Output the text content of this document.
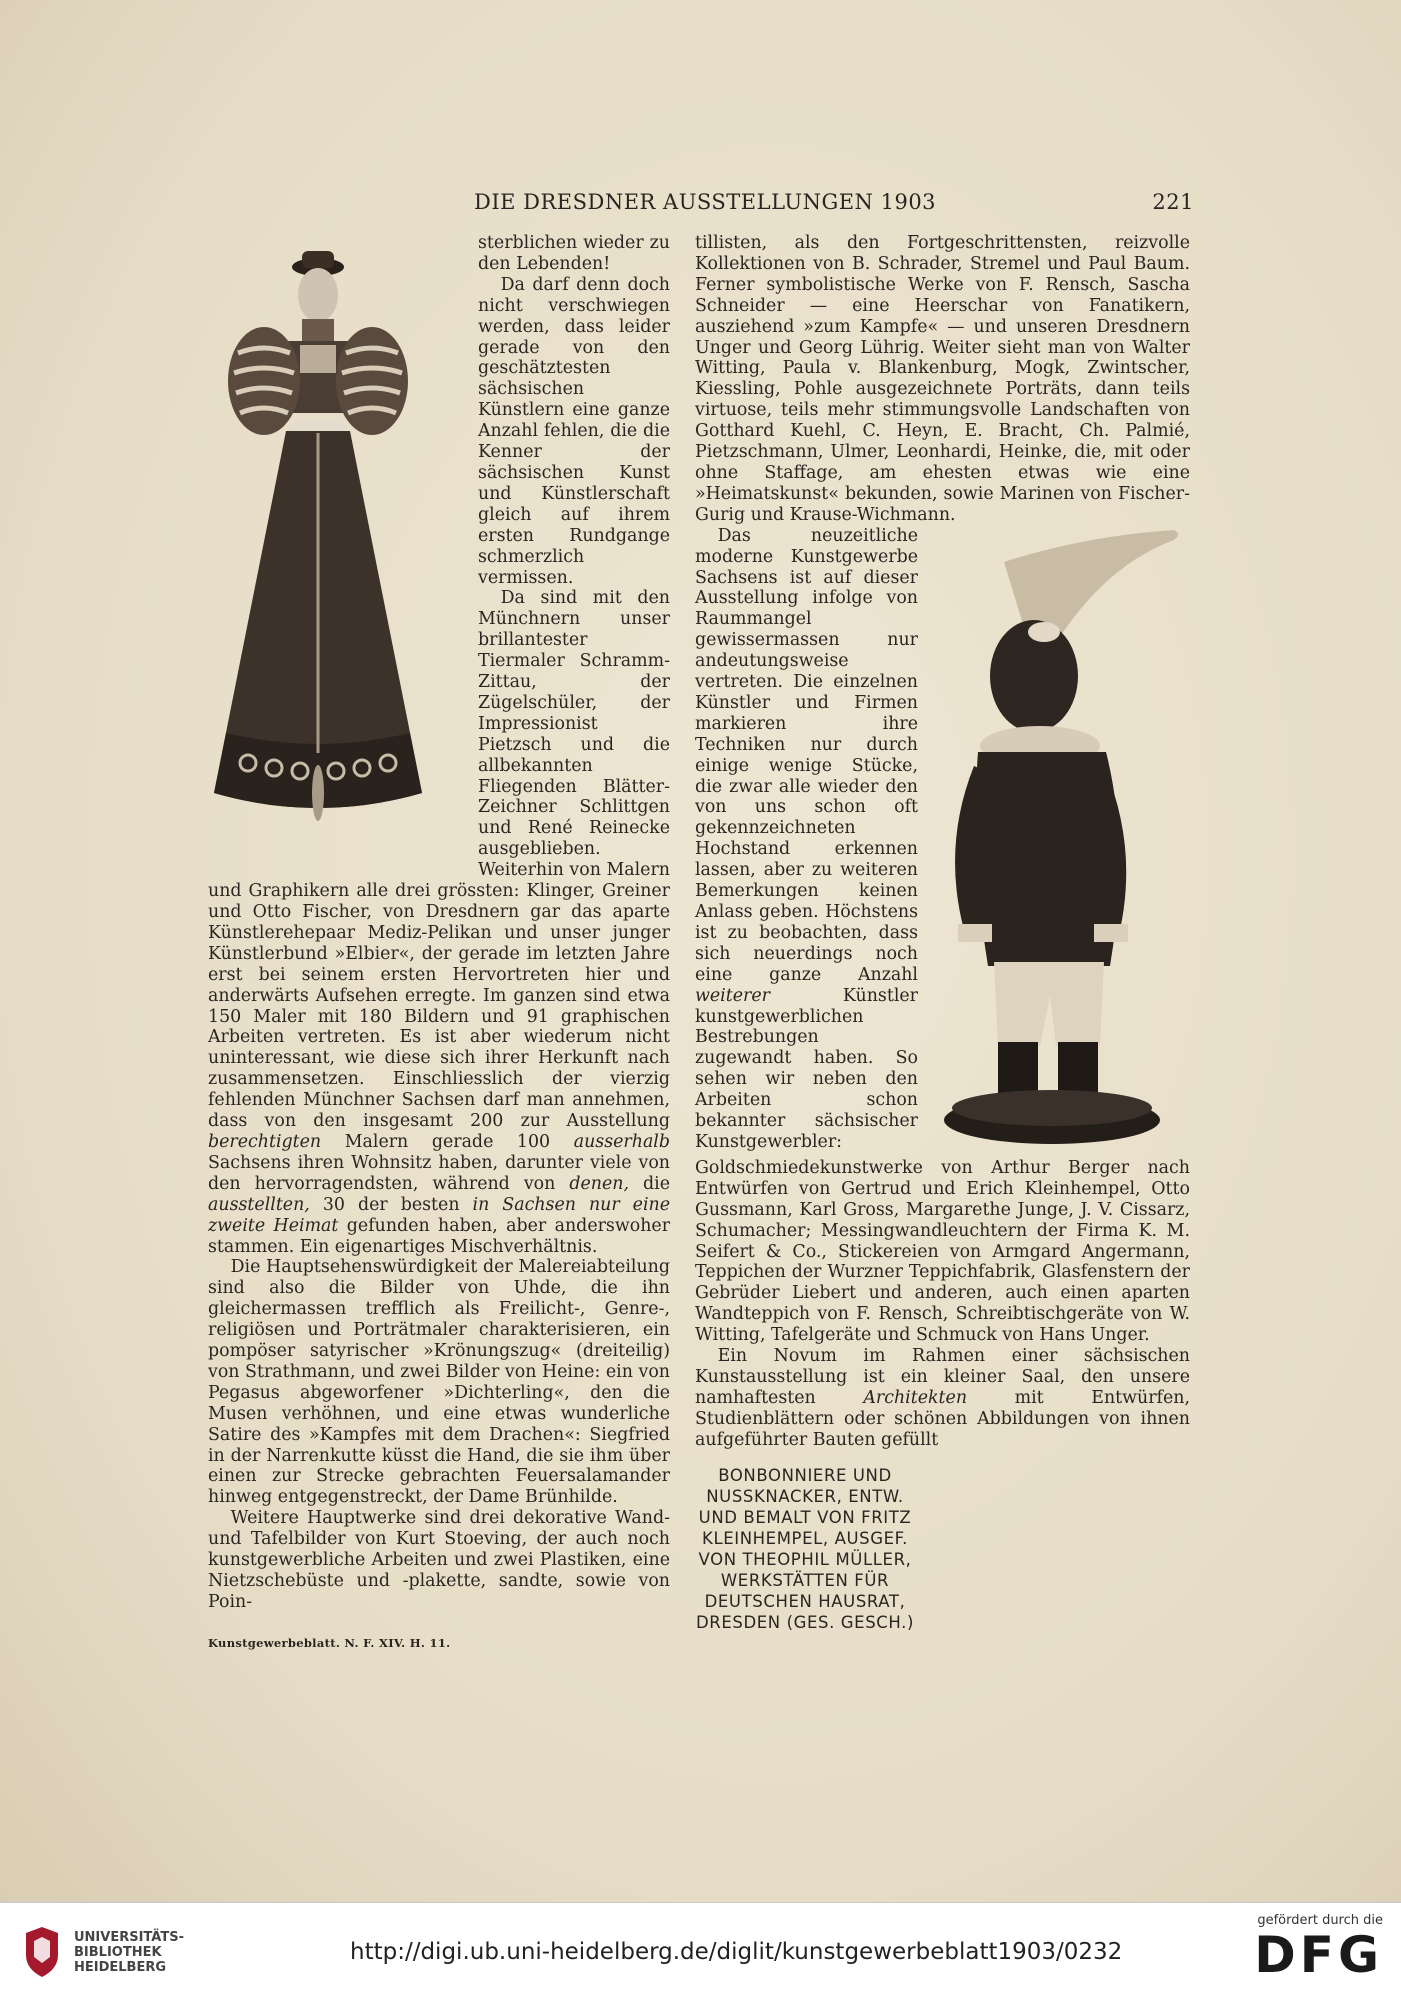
DIE DRESDNER AUSSTELLUNGEN 1903	221

sterblichen wieder zu den Lebenden!

Da darf denn doch nicht verschwiegen werden, dass leider gerade von den geschätztesten sächsischen Künstlern eine ganze Anzahl fehlen, die die Kenner der sächsischen Kunst und Künstlerschaft gleich auf ihrem ersten Rundgange schmerzlich vermissen.

Da sind mit den Münchnern unser brillantester Tiermaler Schramm-Zittau, der Zügelschüler, der Impressionist Pietzsch und die allbekannten Fliegenden Blätter-Zeichner Schlittgen und René Reinecke ausgeblieben. Weiterhin von Malern und Graphikern alle drei grössten: Klinger, Greiner und Otto Fischer, von Dresdnern gar das aparte Künstlerehepaar Mediz-Pelikan und unser junger Künstlerbund »Elbier«, der gerade im letzten Jahre erst bei seinem ersten Hervortreten hier und anderwärts Aufsehen erregte. Im ganzen sind etwa 150 Maler mit 180 Bildern und 91 graphischen Arbeiten vertreten. Es ist aber wiederum nicht uninteressant, wie diese sich ihrer Herkunft nach zusammensetzen. Einschliesslich der vierzig fehlenden Münchner Sachsen darf man annehmen, dass von den insgesamt 200 zur Ausstellung berechtigten Malern gerade 100 ausserhalb Sachsens ihren Wohnsitz haben, darunter viele von den hervorragendsten, während von denen, die ausstellten, 30 der besten in Sachsen nur eine zweite Heimat gefunden haben, aber anderswoher stammen. Ein eigenartiges Mischverhältnis.

Die Hauptsehenswürdigkeit der Malereiabteilung sind also die Bilder von Uhde, die ihn gleichermassen trefflich als Freilicht-, Genre-, religiösen und Porträtmaler charakterisieren, ein pompöser satyrischer »Krönungszug« (dreiteilig) von Strathmann, und zwei Bilder von Heine: ein von Pegasus abgeworfener »Dichterling«, den die Musen verhöhnen, und eine etwas wunderliche Satire des »Kampfes mit dem Drachen«: Siegfried in der Narrenkutte küsst die Hand, die sie ihm über einen zur Strecke gebrachten Feuersalamander hinweg entgegenstreckt, der Dame Brünhilde.

Weitere Hauptwerke sind drei dekorative Wand- und Tafelbilder von Kurt Stoeving, der auch noch kunstgewerbliche Arbeiten und zwei Plastiken, eine Nietzschebüste und -plakette, sandte, sowie von Poin-

tillisten, als den Fortgeschrittensten, reizvolle Kollektionen von B. Schrader, Stremel und Paul Baum. Ferner symbolistische Werke von F. Rensch, Sascha Schneider — eine Heerschar von Fanatikern, ausziehend »zum Kampfe« — und unseren Dresdnern Unger und Georg Lührig. Weiter sieht man von Walter Witting, Paula v. Blankenburg, Mogk, Zwintscher, Kiessling, Pohle ausgezeichnete Porträts, dann teils virtuose, teils mehr stimmungsvolle Landschaften von Gotthard Kuehl, C. Heyn, E. Bracht, Ch. Palmié, Pietzschmann, Ulmer, Leonhardi, Heinke, die, mit oder ohne Staffage, am ehesten etwas wie eine »Heimatskunst« bekunden, sowie Marinen von Fischer-Gurig und Krause-Wichmann.

Das neuzeitliche moderne Kunstgewerbe Sachsens ist auf dieser Ausstellung infolge von Raummangel gewissermassen nur andeutungsweise vertreten. Die einzelnen Künstler und Firmen markieren ihre Techniken nur durch einige wenige Stücke, die zwar alle wieder den von uns schon oft gekennzeichneten Hochstand erkennen lassen, aber zu weiteren Bemerkungen keinen Anlass geben. Höchstens ist zu beobachten, dass sich neuerdings noch eine ganze Anzahl weiterer	Künstler kunstgewerblichen Bestrebungen zugewandt haben. So sehen wir neben den Arbeiten schon bekannter sächsischer Kunstgewerbler: Goldschmiedekunstwerke von Arthur Berger nach Entwürfen von Gertrud und Erich Kleinhempel, Otto Gussmann, Karl Gross, Margarethe Junge, J. V. Cissarz, Schumacher; Messingwandleuchtern der Firma K. M. Seifert & Co., Stickereien von Armgard Angermann, Teppichen der Wurzner Teppichfabrik, Glasfenstern der Gebrüder Liebert und anderen, auch einen aparten Wandteppich von F. Rensch, Schreibtischgeräte von W. Witting, Tafelgeräte und Schmuck von Hans Unger.

Ein Novum im Rahmen einer sächsischen Kunstausstellung ist ein kleiner Saal, den unsere namhaftesten	Architekten	mit Entwürfen, Studienblättern oder schönen Abbildungen von ihnen aufgeführter Bauten gefüllt

BONBONNIERE UND NUSSKNACKER, ENTW. UND BEMALT VON FRITZ KLEINHEMPEL, AUSGEF. VON THEOPHIL MÜLLER, WERKSTÄTTEN FÜR DEUTSCHEN HAUSRAT, DRESDEN (GES. GESCH.)
Kunstgewerbeblatt. N. F. XIV. H. 11.
UNIVERSITÄTS- BIBLIOTHEK HEIDELBERG
http://digi.ub.uni-heidelberg.de/diglit/kunstgewerbeblatt1903/0232
gefördert durch die
DFG
